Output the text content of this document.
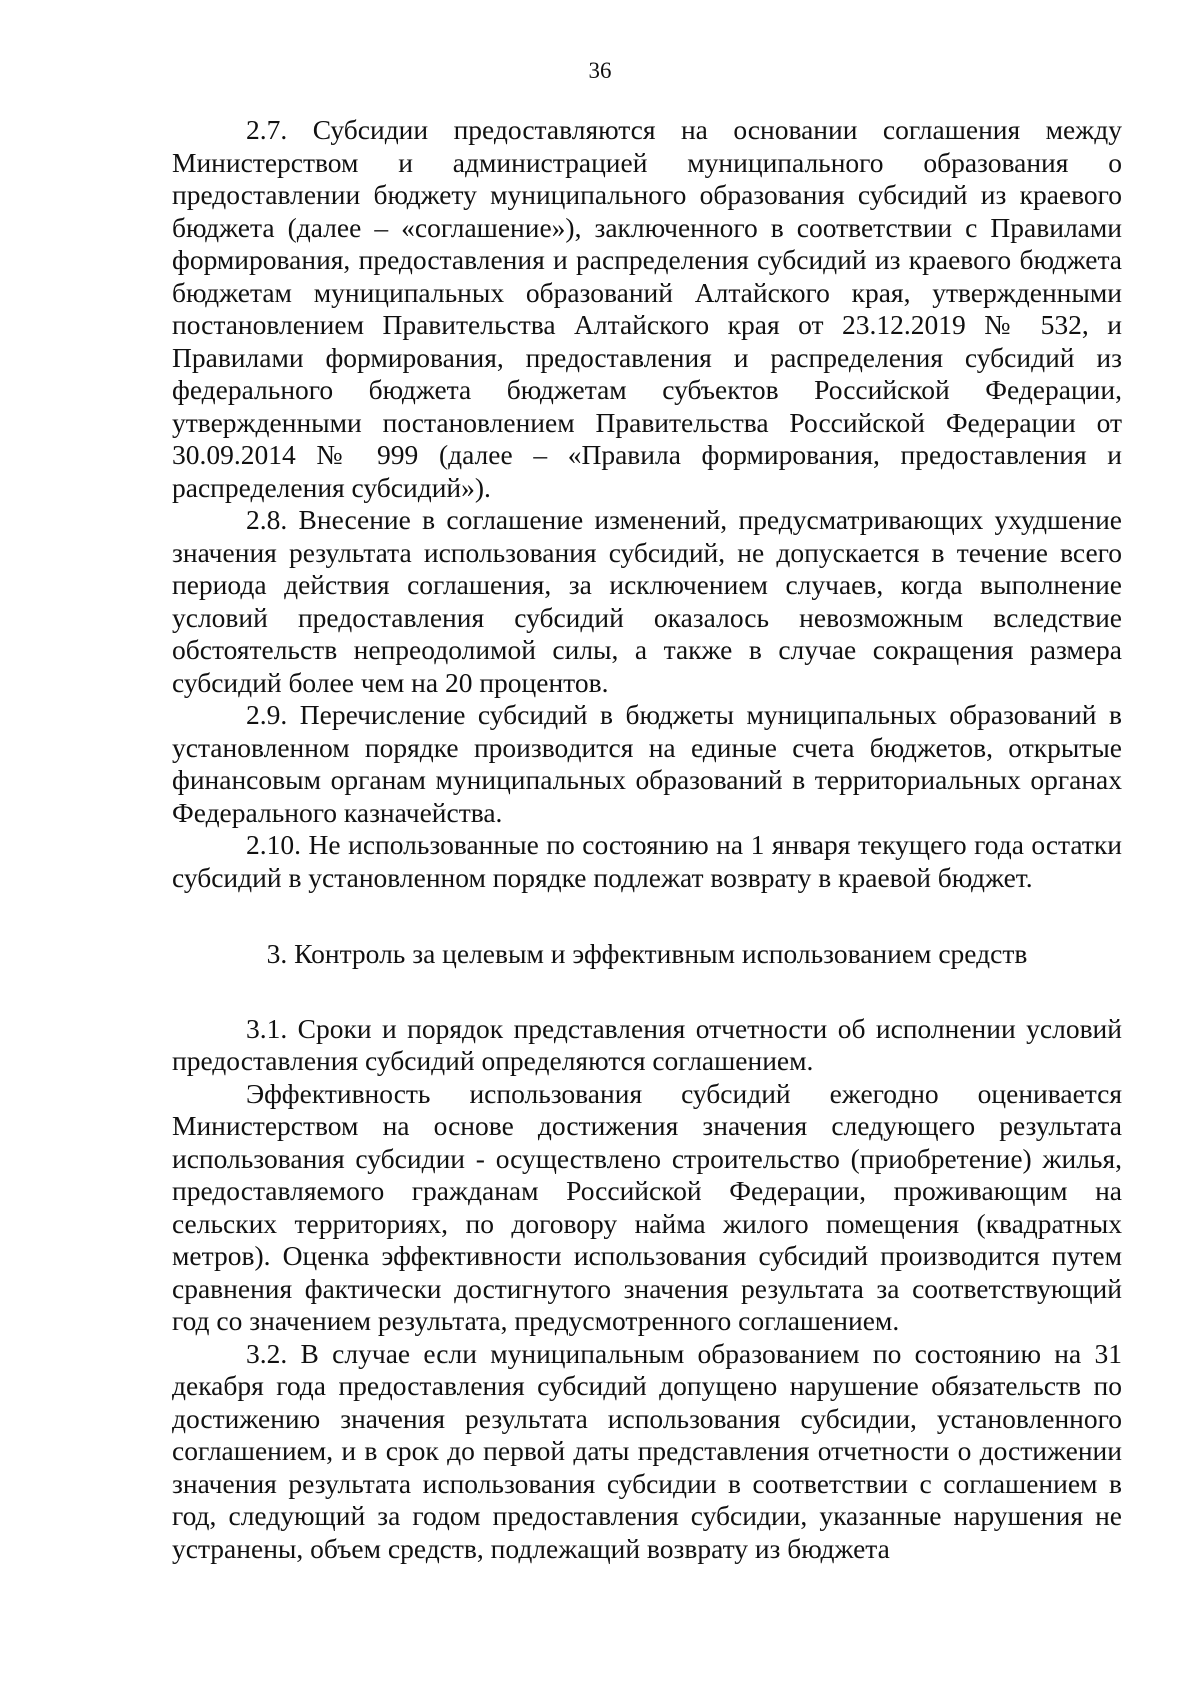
36

2.7. Субсидии предоставляются на основании соглашения между Министерством и администрацией муниципального образования о предоставлении бюджету муниципального образования субсидий из краевого бюджета (далее – «соглашение»), заключенного в соответствии с Правилами формирования, предоставления и распределения субсидий из краевого бюджета бюджетам муниципальных образований Алтайского края, утвержденными постановлением Правительства Алтайского края от 23.12.2019 № 532, и Правилами формирования, предоставления и распределения субсидий из федерального бюджета бюджетам субъектов Российской Федерации, утвержденными постановлением Правительства Российской Федерации от 30.09.2014 № 999 (далее – «Правила формирования, предоставления и распределения субсидий»).

2.8. Внесение в соглашение изменений, предусматривающих ухудшение значения результата использования субсидий, не допускается в течение всего периода действия соглашения, за исключением случаев, когда выполнение условий предоставления субсидий оказалось невозможным вследствие обстоятельств непреодолимой силы, а также в случае сокращения размера субсидий более чем на 20 процентов.

2.9. Перечисление субсидий в бюджеты муниципальных образований в установленном порядке производится на единые счета бюджетов, открытые финансовым органам муниципальных образований в территориальных органах Федерального казначейства.

2.10. Не использованные по состоянию на 1 января текущего года остатки субсидий в установленном порядке подлежат возврату в краевой бюджет.

3. Контроль за целевым и эффективным использованием средств

3.1. Сроки и порядок представления отчетности об исполнении условий предоставления субсидий определяются соглашением.

Эффективность использования субсидий ежегодно оценивается Министерством на основе достижения значения следующего результата использования субсидии - осуществлено строительство (приобретение) жилья, предоставляемого гражданам Российской Федерации, проживающим на сельских территориях, по договору найма жилого помещения (квадратных метров). Оценка эффективности использования субсидий производится путем сравнения фактически достигнутого значения результата за соответствующий год со значением результата, предусмотренного соглашением.

3.2. В случае если муниципальным образованием по состоянию на 31 декабря года предоставления субсидий допущено нарушение обязательств по достижению значения результата использования субсидии, установленного соглашением, и в срок до первой даты представления отчетности о достижении значения результата использования субсидии в соответствии с соглашением в год, следующий за годом предоставления субсидии, указанные нарушения не устранены, объем средств, подлежащий возврату из бюджета
